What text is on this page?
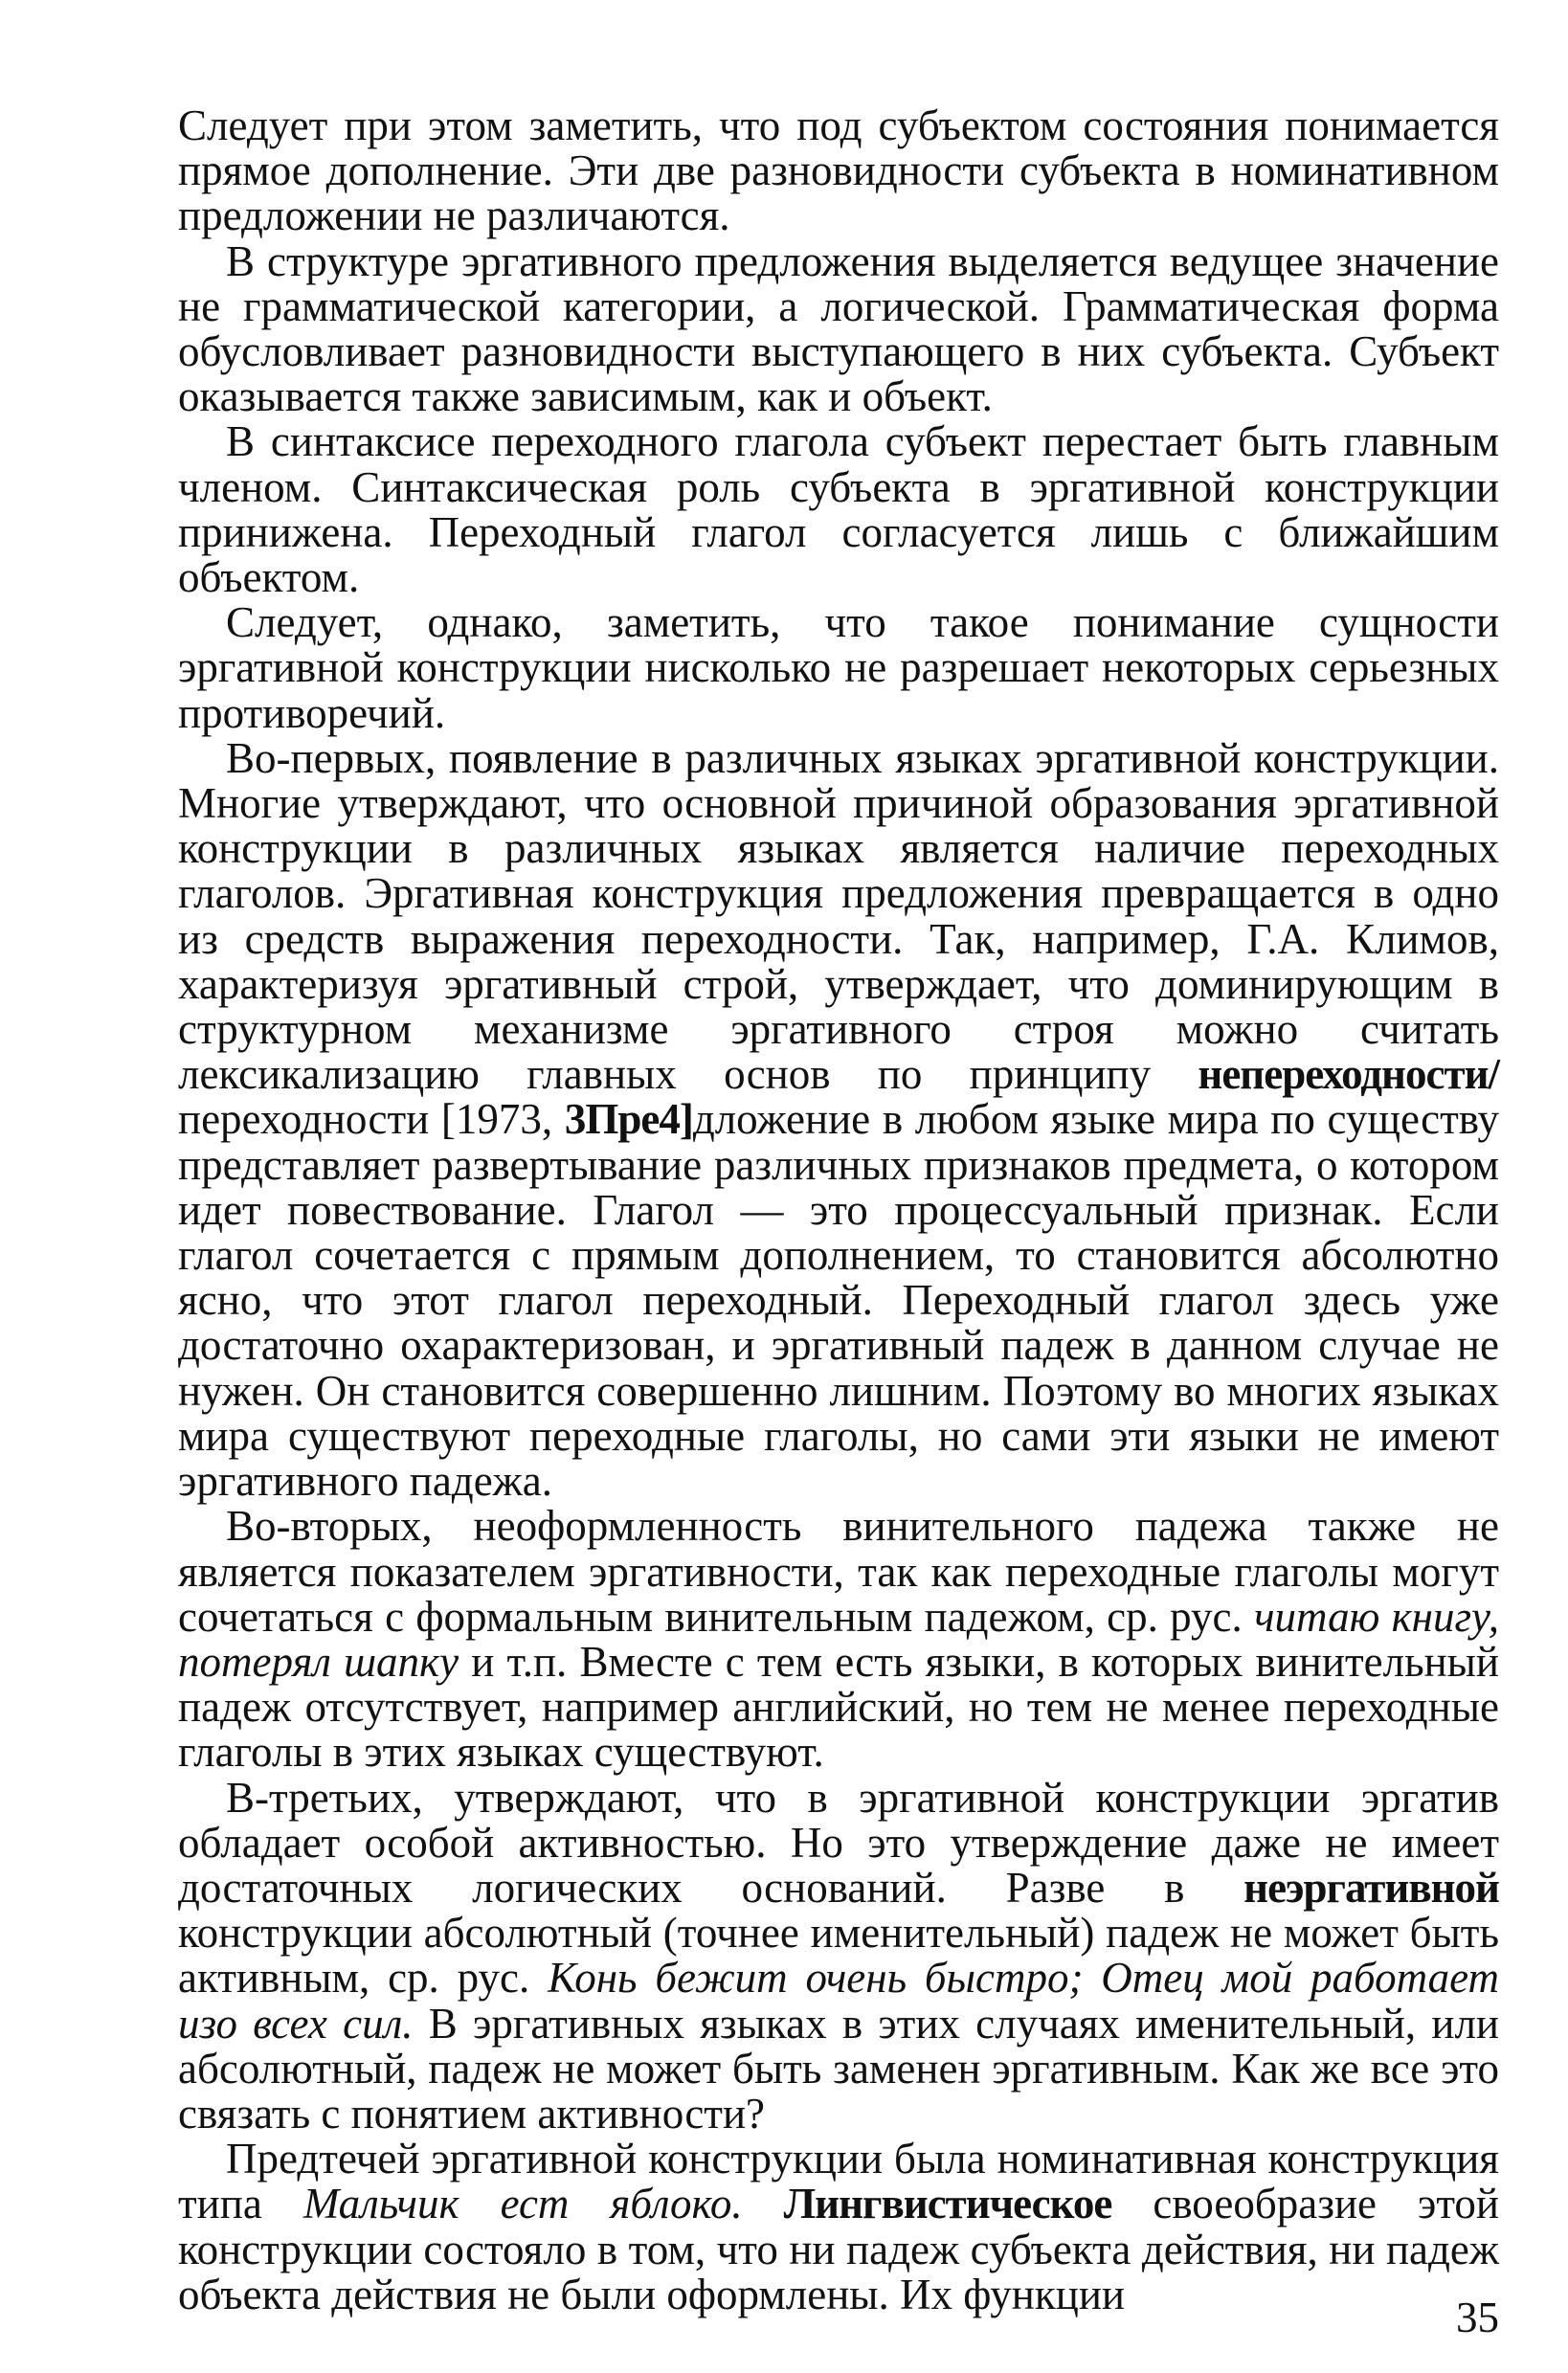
Следует при этом заметить, что под субъектом состояния понимается прямое дополнение. Эти две разновидности субъекта в номинативном предложении не различаются.

В структуре эргативного предложения выделяется ведущее значение не грамматической категории, а логической. Грамматическая форма обусловливает разновидности выступающего в них субъекта. Субъект оказывается также зависимым, как и объект.

В синтаксисе переходного глагола субъект перестает быть главным членом. Синтаксическая роль субъекта в эргативной конструкции принижена. Переходный глагол согласуется лишь с ближайшим объектом.

Следует, однако, заметить, что такое понимание сущности эргативной конструкции нисколько не разрешает некоторых серьезных противоречий.

Во-первых, появление в различных языках эргативной конструкции. Многие утверждают, что основной причиной образования эргативной конструкции в различных языках является наличие переходных глаголов. Эргативная конструкция предложения превращается в одно из средств выражения переходности. Так, например, Г.А. Климов, характеризуя эргативный строй, утверждает, что доминирующим в структурном механизме эргативного строя можно считать лексикализацию главных основ по принципу непереходности/ переходности [1973, 3Пре4]дложение в любом языке мира по существу представляет развертывание различных признаков предмета, о котором идет повествование. Глагол — это процессуальный признак. Если глагол сочетается с прямым дополнением, то становится абсолютно ясно, что этот глагол переходный. Переходный глагол здесь уже достаточно охарактеризован, и эргативный падеж в данном случае не нужен. Он становится совершенно лишним. Поэтому во многих языках мира существуют переходные глаголы, но сами эти языки не имеют эргативного падежа.

Во-вторых, неоформленность винительного падежа также не является показателем эргативности, так как переходные глаголы могут сочетаться с формальным винительным падежом, ср. рус. читаю книгу, потерял шапку и т.п. Вместе с тем есть языки, в которых винительный падеж отсутствует, например английский, но тем не менее переходные глаголы в этих языках существуют.

В-третьих, утверждают, что в эргативной конструкции эргатив обладает особой активностью. Но это утверждение даже не имеет достаточных логических оснований. Разве в неэргативной конструкции абсолютный (точнее именительный) падеж не может быть активным, ср. рус. Конь бежит очень быстро; Отец мой работает изо всех сил. В эргативных языках в этих случаях именительный, или абсолютный, падеж не может быть заменен эргативным. Как же все это связать с понятием активности?

Предтечей эргативной конструкции была номинативная конструкция типа Мальчик ест яблоко. Лингвистическое своеобразие этой конструкции состояло в том, что ни падеж субъекта действия, ни падеж объекта действия не были оформлены. Их функции	35
